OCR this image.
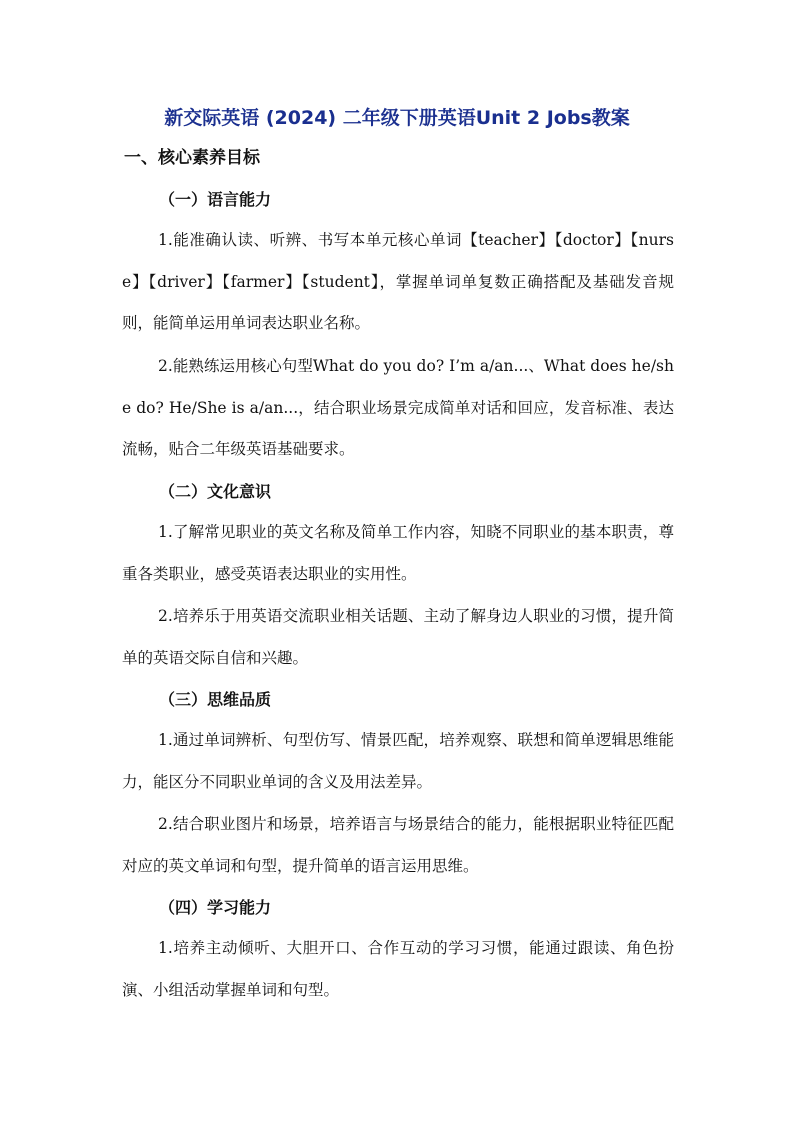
新交际英语 (2024) 二年级下册英语Unit 2 Jobs教案
一、核心素养目标
（一）语言能力

1.能准确认读、听辨、书写本单元核心单词【teacher】【doctor】【nurse】【driver】【farmer】【student】，掌握单词单复数正确搭配及基础发音规则，能简单运用单词表达职业名称。

2.能熟练运用核心句型What do you do? I’m a/an...、What does he/she do? He/She is a/an...，结合职业场景完成简单对话和回应，发音标准、表达流畅，贴合二年级英语基础要求。

（二）文化意识

1.了解常见职业的英文名称及简单工作内容，知晓不同职业的基本职责，尊重各类职业，感受英语表达职业的实用性。

2.培养乐于用英语交流职业相关话题、主动了解身边人职业的习惯，提升简单的英语交际自信和兴趣。

（三）思维品质

1.通过单词辨析、句型仿写、情景匹配，培养观察、联想和简单逻辑思维能力，能区分不同职业单词的含义及用法差异。

2.结合职业图片和场景，培养语言与场景结合的能力，能根据职业特征匹配对应的英文单词和句型，提升简单的语言运用思维。

（四）学习能力

1.培养主动倾听、大胆开口、合作互动的学习习惯，能通过跟读、角色扮演、小组活动掌握单词和句型。
